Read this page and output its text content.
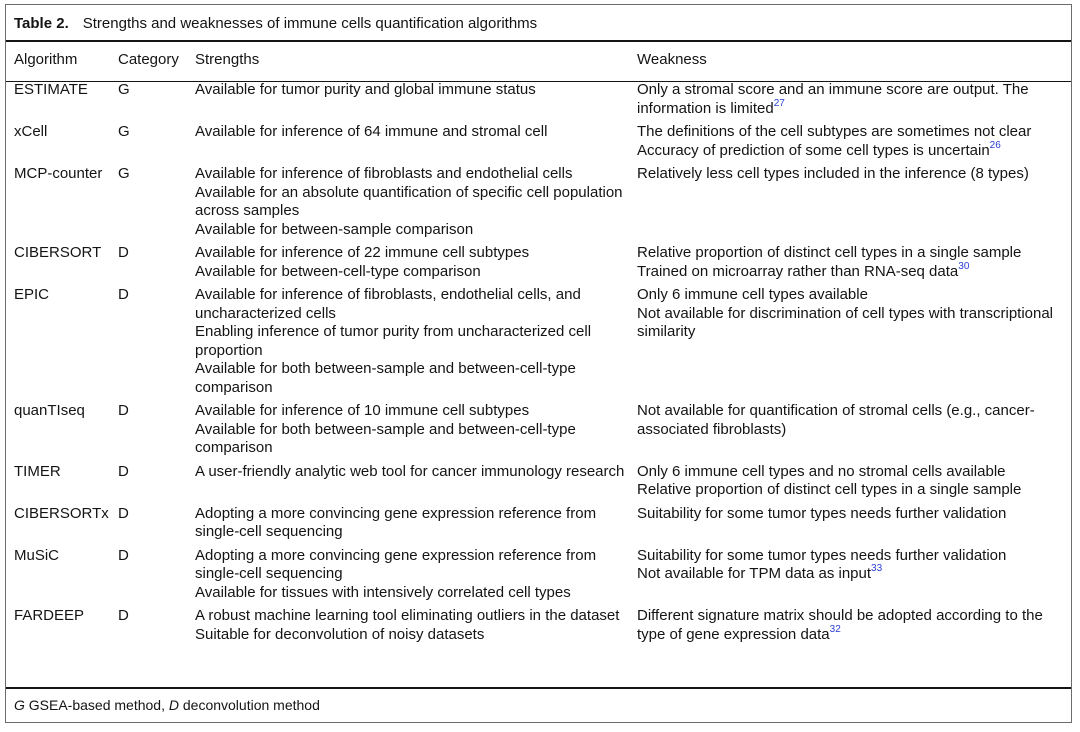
Table 2. Strengths and weaknesses of immune cells quantification algorithms
Algorithm	Category	Strengths	Weakness
ESTIMATE	G	Available for tumor purity and global immune status	Only a stromal score and an immune score are output. The information is limited$^{27}$

xCell	G	Available for inference of 64 immune and stromal cell	The definitions of the cell subtypes are sometimes not clear
Accuracy of prediction of some cell types is uncertain$^{26}$

MCP-counter	G	Available for inference of fibroblasts and endothelial cells
Available for an absolute quantification of specific cell population across samples
Available for between-sample comparison	Relatively less cell types included in the inference (8 types)

CIBERSORT	D	Available for inference of 22 immune cell subtypes
Available for between-cell-type comparison	Relative proportion of distinct cell types in a single sample
Trained on microarray rather than RNA-seq data$^{30}$

EPIC	D	Available for inference of fibroblasts, endothelial cells, and uncharacterized cells
Enabling inference of tumor purity from uncharacterized cell proportion
Available for both between-sample and between-cell-type comparison	Only 6 immune cell types available
Not available for discrimination of cell types with transcriptional similarity

quanTIseq	D	Available for inference of 10 immune cell subtypes
Available for both between-sample and between-cell-type comparison	Not available for quantification of stromal cells (e.g., cancer-associated fibroblasts)

TIMER	D	A user-friendly analytic web tool for cancer immunology research	Only 6 immune cell types and no stromal cells available
Relative proportion of distinct cell types in a single sample

CIBERSORTx	D	Adopting a more convincing gene expression reference from single-cell sequencing	Suitability for some tumor types needs further validation

MuSiC	D	Adopting a more convincing gene expression reference from single-cell sequencing
Available for tissues with intensively correlated cell types	Suitability for some tumor types needs further validation
Not available for TPM data as input$^{33}$

FARDEEP	D	A robust machine learning tool eliminating outliers in the dataset
Suitable for deconvolution of noisy datasets	Different signature matrix should be adopted according to the type of gene expression data$^{32}$
G GSEA-based method, D deconvolution method
